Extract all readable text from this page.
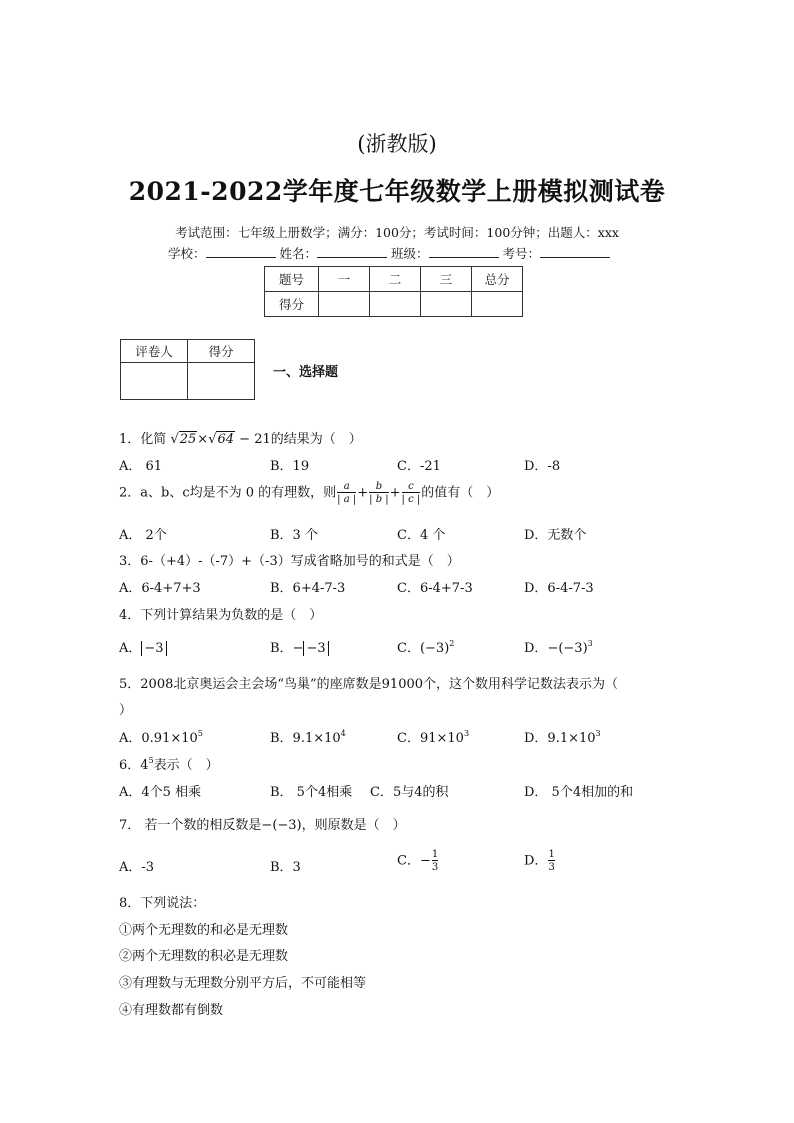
(浙教版)
2021-2022学年度七年级数学上册模拟测试卷
考试范围：七年级上册数学；满分：100分；考试时间：100分钟；出题人：xxx
学校：	姓名：	班级：	考号：
题号	一	二	三	总分
得分				
评卷人	得分

一、选择题
1．化简 √25×√64 − 21的结果为（　）
A． 61	B．19	C．-21	D．-8
2．a、b、c均是不为 0 的有理数，则 $\frac{a}{| a |} + \frac{b}{| b |} + \frac{c}{| c |}$ 的值有（　）
A． 2个	B．3 个	C．4 个	D．无数个
3．6-（+4）-（-7）+（-3）写成省略加号的和式是（　）
A．6-4+7+3	B．6+4-7-3	C．6-4+7-3	D．6-4-7-3
4．下列计算结果为负数的是（　）
A． −3	B．− −3	C．$(-3)^2$	D．$-(-3)^3$
5．2008北京奥运会主会场“鸟巢”的座席数是91000个，这个数用科学记数法表示为（
）
A．$0.91\times 10^5$	B．$9.1\times 10^4$	C．$91\times 10^3$	D．$9.1\times 10^3$
6．$4^5$表示（　）
A．4个5 相乘	B． 5个4相乘 C．5与4的积	D． 5个4相加的和
7． 若一个数的相反数是−(−3)，则原数是（　）
A．-3	B．3	C．− $\frac{1}{3}$	D． $\frac{1}{3}$
8．下列说法：
①两个无理数的和必是无理数
②两个无理数的积必是无理数
③有理数与无理数分别平方后，不可能相等
④有理数都有倒数
